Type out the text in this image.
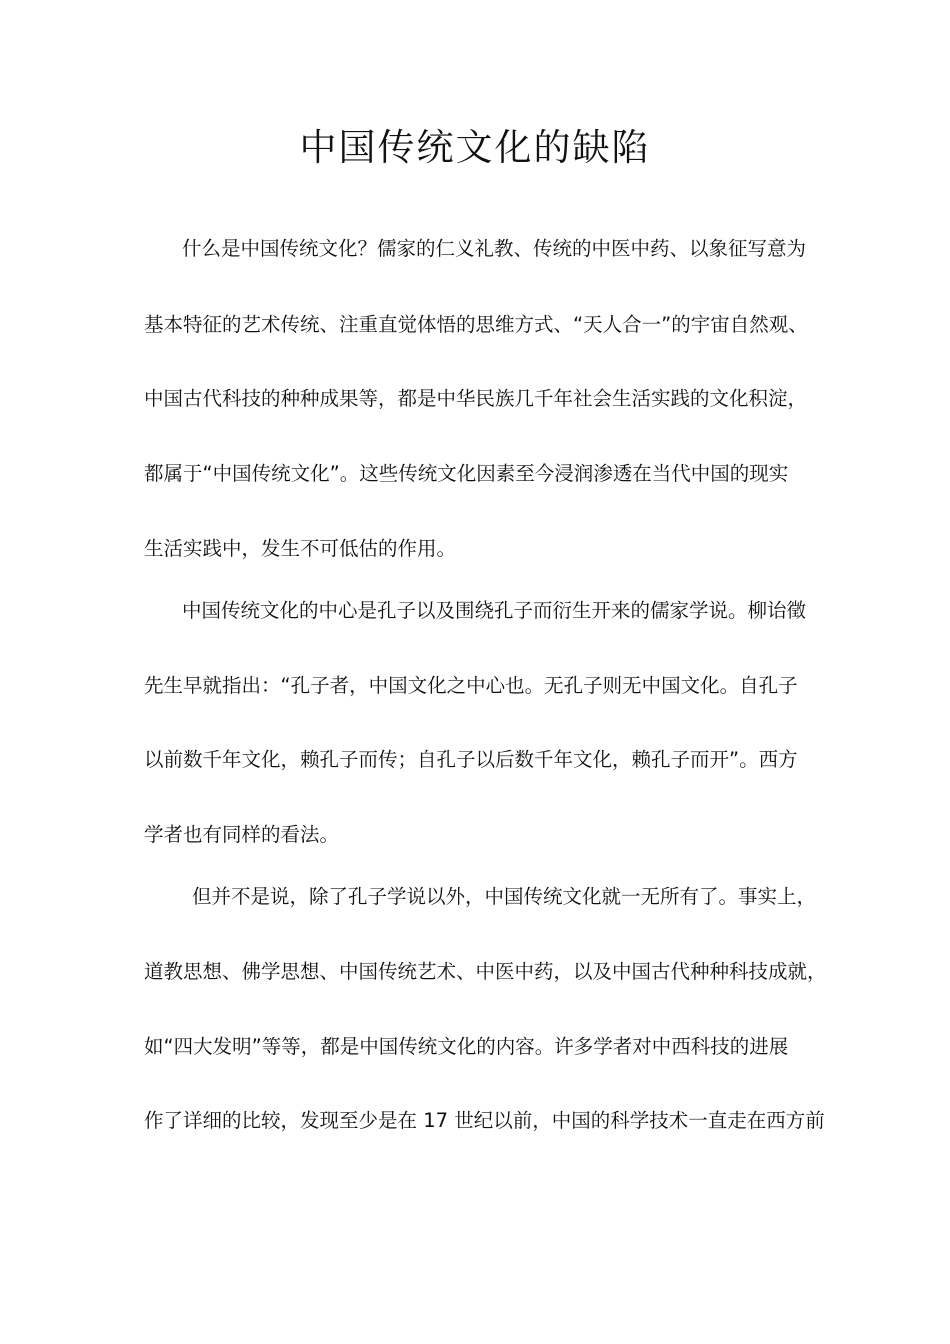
中国传统文化的缺陷
什么是中国传统文化？儒家的仁义礼教、传统的中医中药、以象征写意为
基本特征的艺术传统、注重直觉体悟的思维方式、“天人合一”的宇宙自然观、
中国古代科技的种种成果等，都是中华民族几千年社会生活实践的文化积淀，
都属于“中国传统文化”。这些传统文化因素至今浸润渗透在当代中国的现实
生活实践中，发生不可低估的作用。
中国传统文化的中心是孔子以及围绕孔子而衍生开来的儒家学说。柳诒徵
先生早就指出：“孔子者，中国文化之中心也。无孔子则无中国文化。自孔子
以前数千年文化，赖孔子而传；自孔子以后数千年文化，赖孔子而开”。西方
学者也有同样的看法。
但并不是说，除了孔子学说以外，中国传统文化就一无所有了。事实上，
道教思想、佛学思想、中国传统艺术、中医中药，以及中国古代种种科技成就，
如“四大发明”等等，都是中国传统文化的内容。许多学者对中西科技的进展
作了详细的比较，发现至少是在 17 世纪以前，中国的科学技术一直走在西方前
